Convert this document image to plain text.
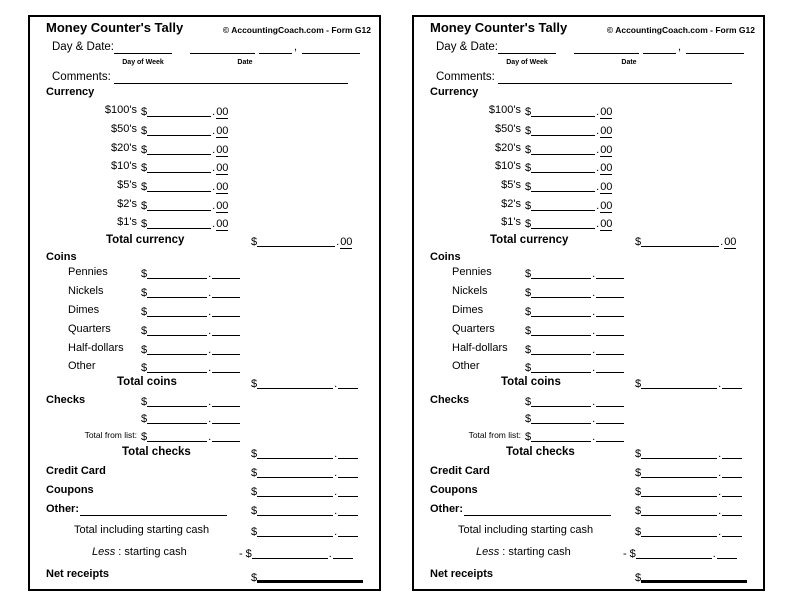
Money Counter's Tally	© AccountingCoach.com - Form G12
Day & Date:	,
Day of Week	Date
Comments:
Currency
$100's $	.00
$50's $	.00
$20's $	.00
$10's $	.00
$5's $	.00
$2's $	.00
$1's $	.00
Total currency	$	.00
Coins
Pennies	$	.
Nickels	$	.
Dimes	$	.
Quarters	$	.
Half-dollars $	.
Other	$	.
Total coins	$	.
Checks	$	.
$	.
Total from list: $	.
Total checks	$	.
Credit Card	$	.
Coupons	$	.
Other:	$	.
Total including starting cash	$	.
Less : starting cash	- $	.
Net receipts	$
Money Counter's Tally	© AccountingCoach.com - Form G12
Day & Date:	,
Day of Week	Date
Comments:
Currency
$100's $	.00
$50's $	.00
$20's $	.00
$10's $	.00
$5's $	.00
$2's $	.00
$1's $	.00
Total currency	$	.00
Coins
Pennies	$	.
Nickels	$	.
Dimes	$	.
Quarters	$	.
Half-dollars $	.
Other	$	.
Total coins	$	.
Checks	$	.
$	.
Total from list: $	.
Total checks	$	.
Credit Card	$	.
Coupons	$	.
Other:	$	.
Total including starting cash	$	.
Less : starting cash	- $	.
Net receipts	$
